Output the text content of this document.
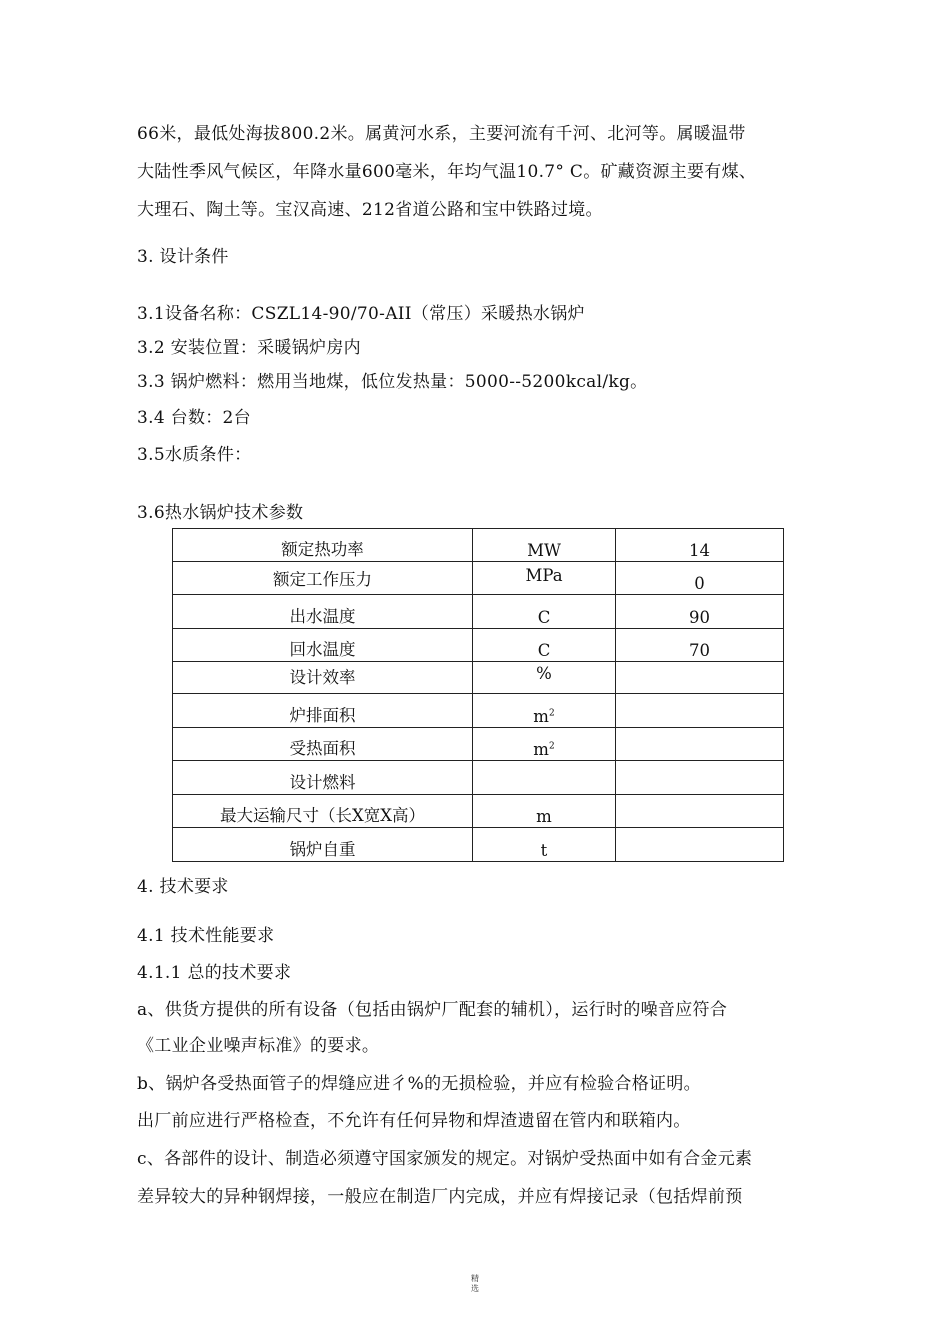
66米，最低处海拔800.2米。属黄河水系，主要河流有千河、北河等。属暖温带
大陆性季风气候区，年降水量600毫米，年均气温10.7° C。矿藏资源主要有煤、
大理石、陶土等。宝汉高速、212省道公路和宝中铁路过境。
3. 设计条件
3.1设备名称：CSZL14-90/70-AII（常压）采暖热水锅炉
3.2 安装位置：采暖锅炉房内
3.3 锅炉燃料：燃用当地煤，低位发热量：5000--5200kcal/kg。
3.4 台数：2台
3.5水质条件：
3.6热水锅炉技术参数
额定热功率	MW	14
额定工作压力	MPa	0
出水温度	C	90
回水温度	C	70
设计效率	%	
炉排面积	$m^2$	
受热面积	$m^2$	
设计燃料		
最大运输尺寸（长X宽X高）	m	
锅炉自重	t	
4. 技术要求
4.1 技术性能要求
4.1.1 总的技术要求
a、供货方提供的所有设备（包括由锅炉厂配套的辅机），运行时的噪音应符合
《工业企业噪声标准》的要求。
b、锅炉各受热面管子的焊缝应进彳%的无损检验，并应有检验合格证明。
出厂前应进行严格检查，不允许有任何异物和焊渣遗留在管内和联箱内。
c、各部件的设计、制造必须遵守国家颁发的规定。对锅炉受热面中如有合金元素
差异较大的异种钢焊接，一般应在制造厂内完成，并应有焊接记录（包括焊前预
精
选
